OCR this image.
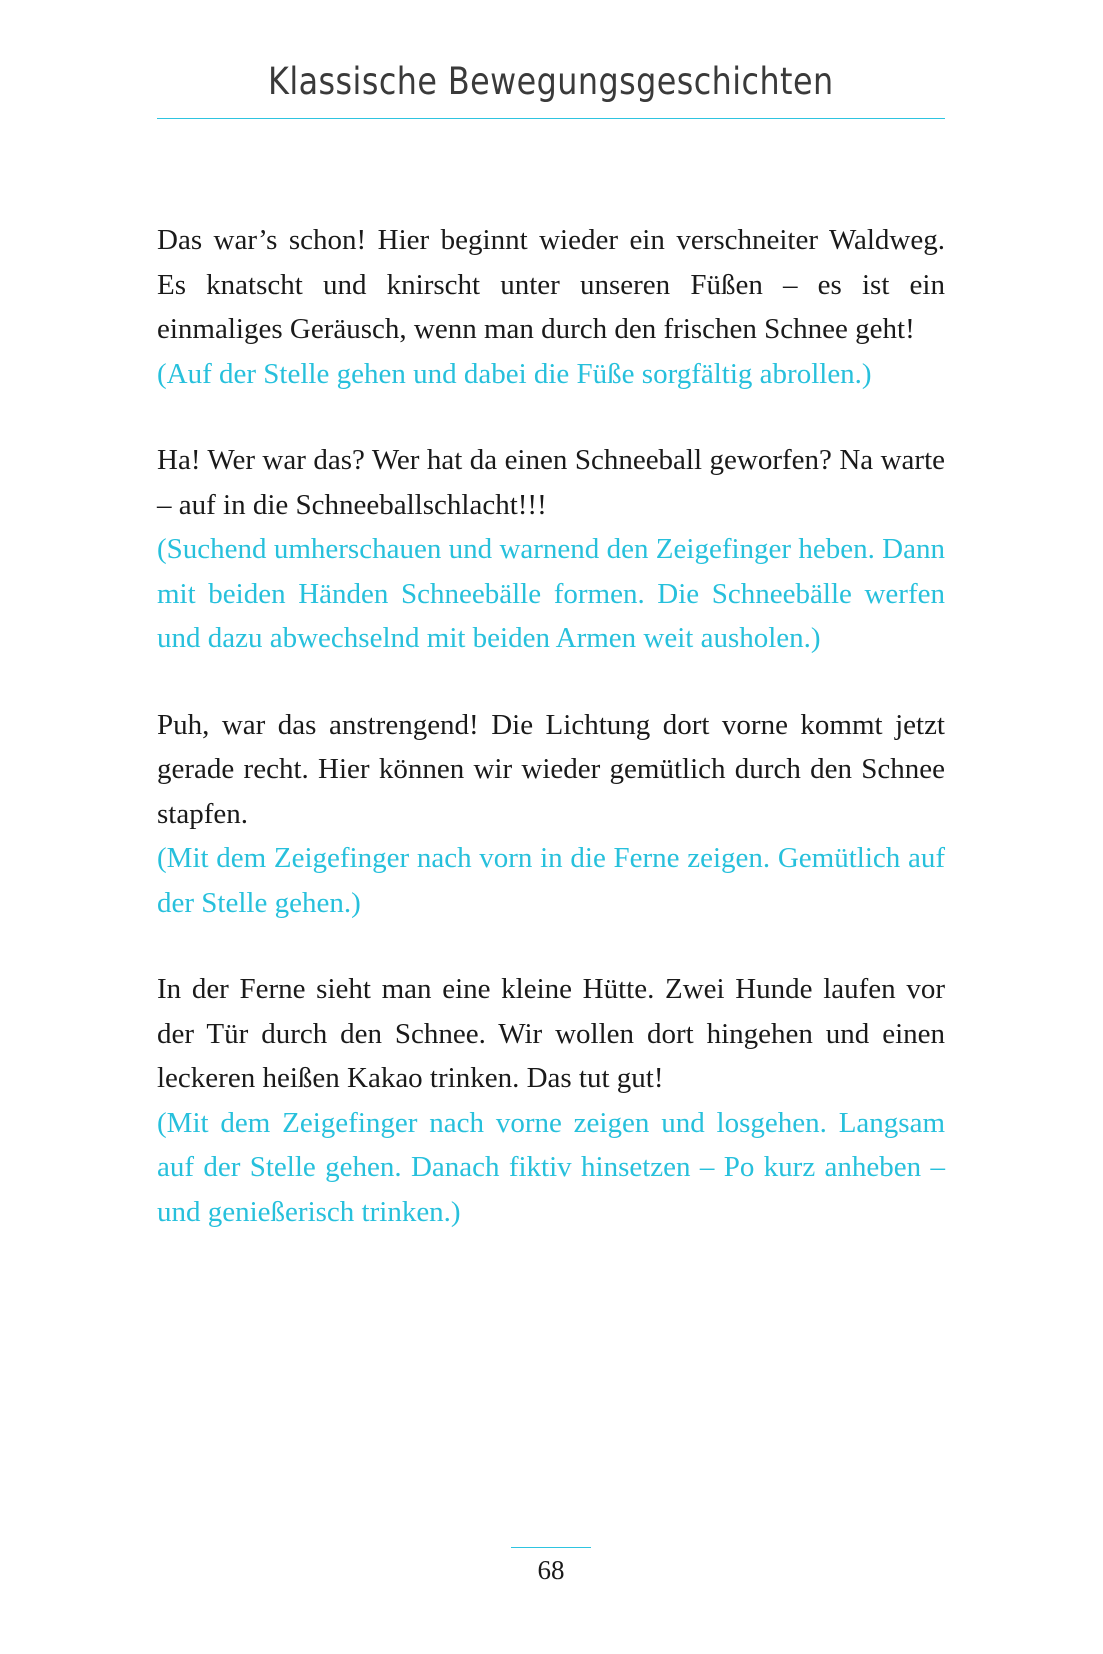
Klassische Bewegungsgeschichten

Das war’s schon! Hier beginnt wieder ein verschneiter Waldweg. Es knatscht und knirscht unter unseren Füßen – es ist ein einmaliges Geräusch, wenn man durch den frischen Schnee geht!

(Auf der Stelle gehen und dabei die Füße sorgfältig abrollen.)

Ha! Wer war das? Wer hat da einen Schneeball geworfen? Na warte – auf in die Schneeballschlacht!!!

(Suchend umherschauen und warnend den Zeigefinger heben. Dann mit beiden Händen Schneebälle formen. Die Schneebälle werfen und dazu abwechselnd mit beiden Armen weit ausholen.)

Puh, war das anstrengend! Die Lichtung dort vorne kommt jetzt gerade recht. Hier können wir wieder gemütlich durch den Schnee stapfen.

(Mit dem Zeigefinger nach vorn in die Ferne zeigen. Gemütlich auf der Stelle gehen.)

In der Ferne sieht man eine kleine Hütte. Zwei Hunde laufen vor der Tür durch den Schnee. Wir wollen dort hingehen und einen leckeren heißen Kakao trinken. Das tut gut!

(Mit dem Zeigefinger nach vorne zeigen und losgehen. Langsam auf der Stelle gehen. Danach fiktiv hinsetzen – Po kurz anheben – und genießerisch trinken.)

68
